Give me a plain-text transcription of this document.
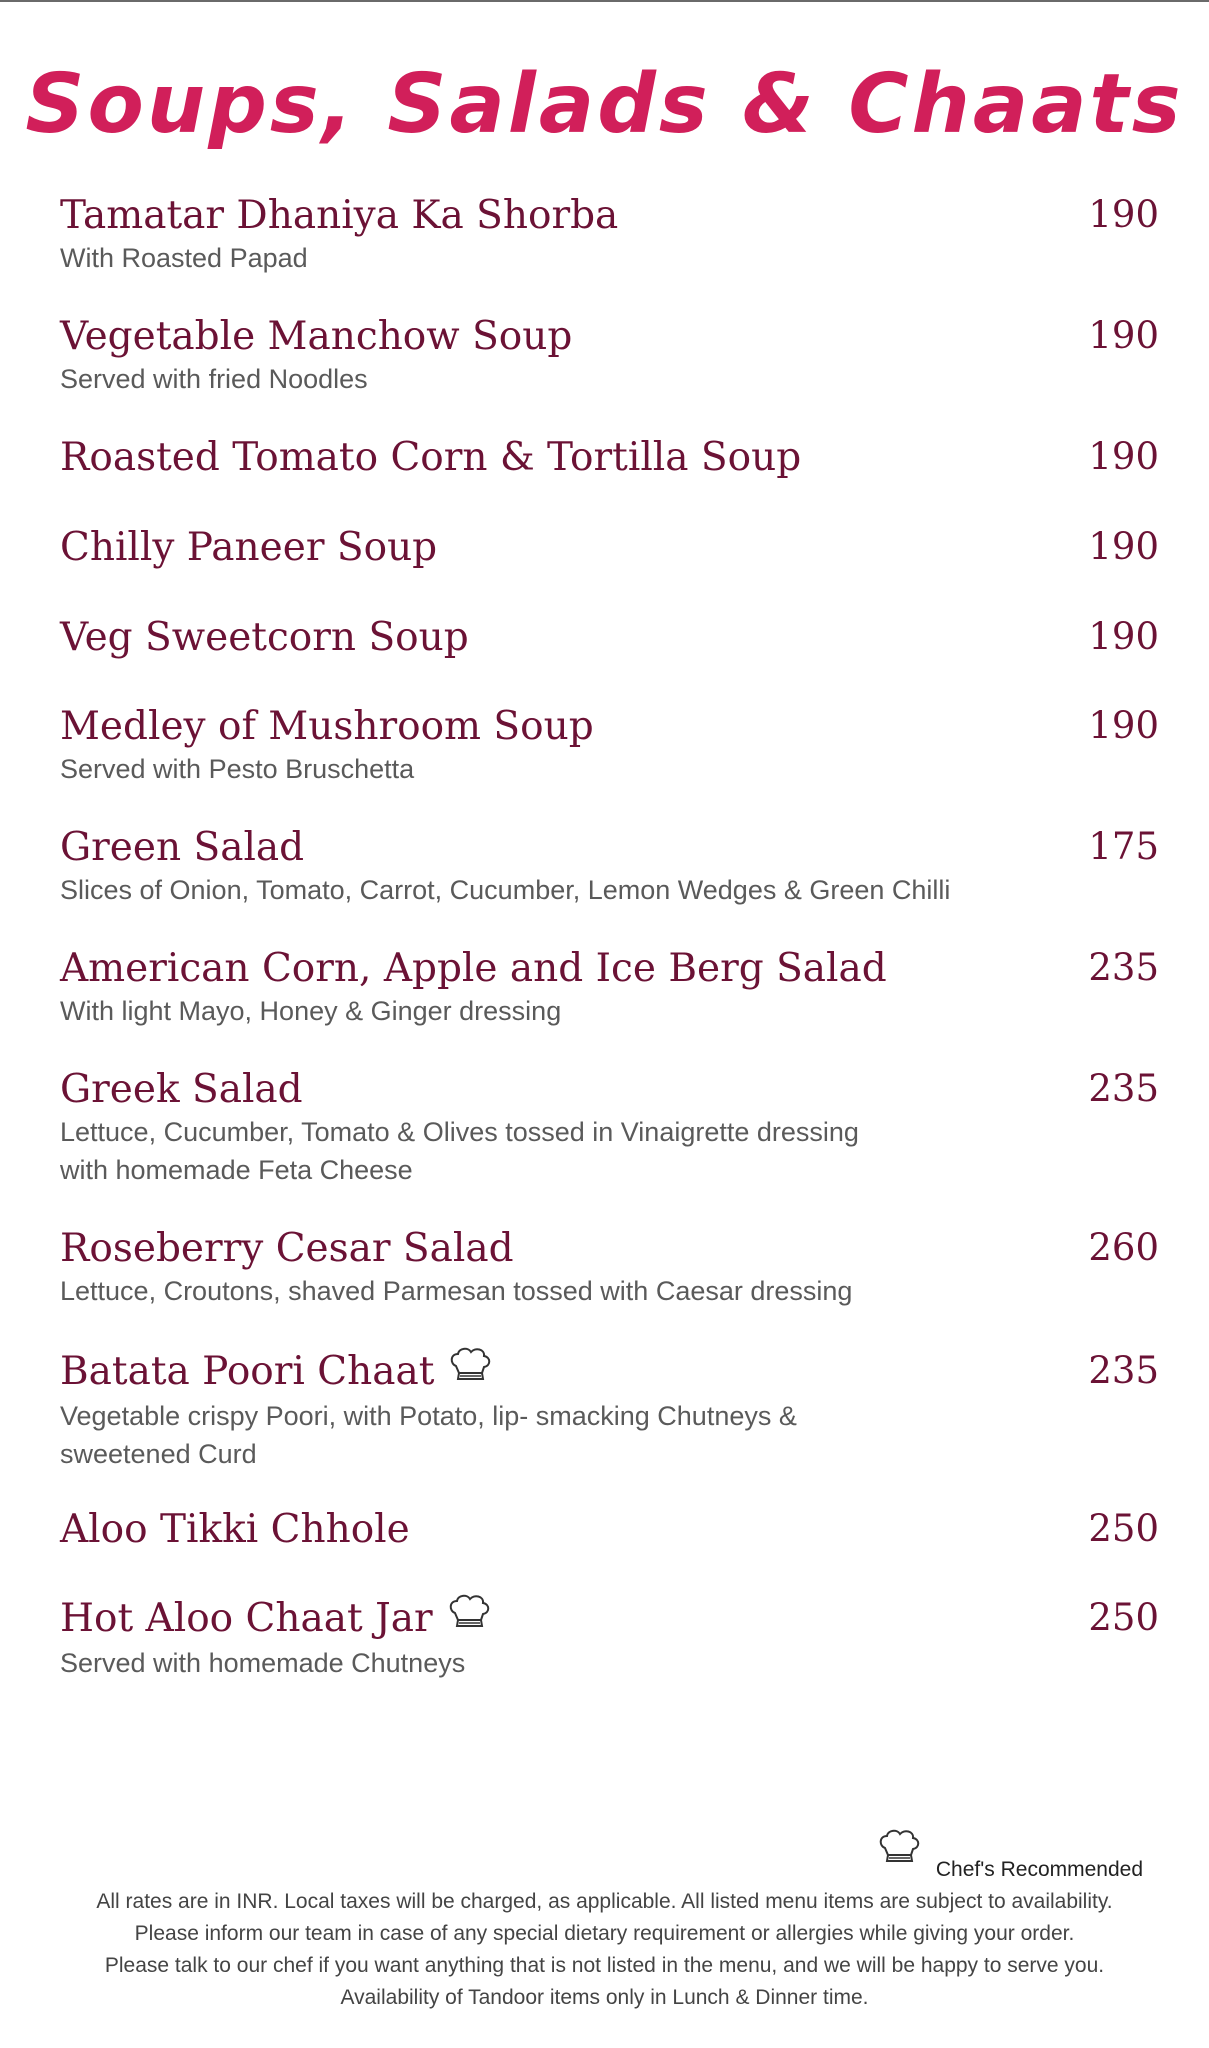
Soups, Salads & Chaats
Tamatar Dhaniya Ka Shorba	190
With Roasted Papad
Vegetable Manchow Soup	190
Served with fried Noodles
Roasted Tomato Corn & Tortilla Soup	190
Chilly Paneer Soup	190
Veg Sweetcorn Soup	190
Medley of Mushroom Soup	190
Served with Pesto Bruschetta
Green Salad	175
Slices of Onion, Tomato, Carrot, Cucumber, Lemon Wedges & Green Chilli
American Corn, Apple and Ice Berg Salad	235
With light Mayo, Honey & Ginger dressing
Greek Salad	235
Lettuce, Cucumber, Tomato & Olives tossed in Vinaigrette dressing
with homemade Feta Cheese
Roseberry Cesar Salad	260
Lettuce, Croutons, shaved Parmesan tossed with Caesar dressing
Batata Poori Chaat	235
Vegetable crispy Poori, with Potato, lip- smacking Chutneys &
sweetened Curd
Aloo Tikki Chhole	250
Hot Aloo Chaat Jar	250
Served with homemade Chutneys
Chef's Recommended
All rates are in INR. Local taxes will be charged, as applicable. All listed menu items are subject to availability.
Please inform our team in case of any special dietary requirement or allergies while giving your order.
Please talk to our chef if you want anything that is not listed in the menu, and we will be happy to serve you.
Availability of Tandoor items only in Lunch & Dinner time.
